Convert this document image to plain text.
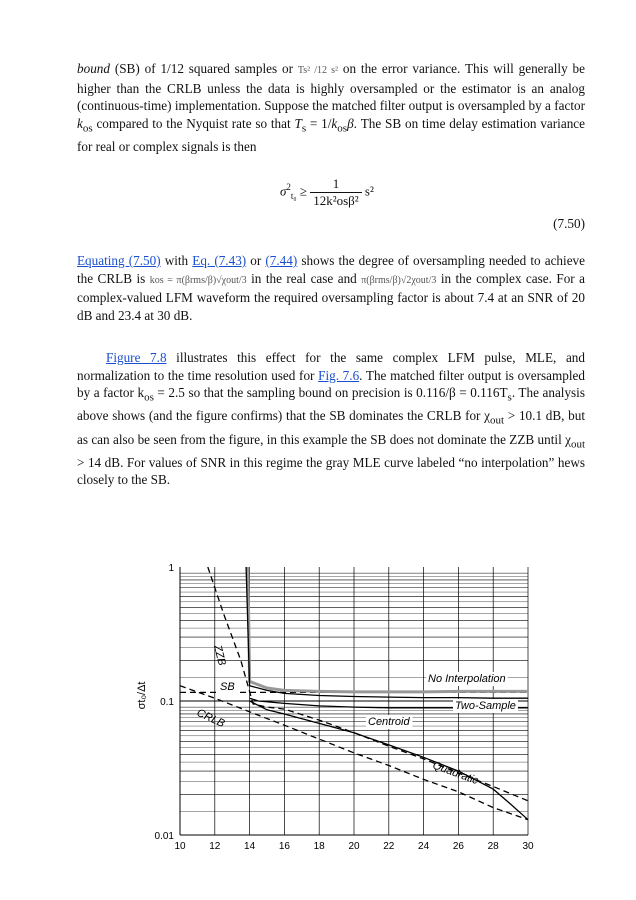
bound (SB) of 1/12 squared samples or Ts² /12 s² on the error variance. This will generally be higher than the CRLB unless the data is highly oversampled or the estimator is an analog (continuous-time) implementation. Suppose the matched filter output is oversampled by a factor $k_{os}$ compared to the Nyquist rate so that $T_s = 1/k_{os}\beta$. The SB on time delay estimation variance for real or complex signals is then

$\sigma^2_{t_0} \ge \frac{1}{\text{12k²osβ²}} s^2$
(7.50)

Equating (7.50) with Eq. (7.43) or (7.44) shows the degree of oversampling needed to achieve the CRLB is kos = π(βrms/β)√χout/3 in the real case and π(βrms/β)√2χout/3 in the complex case. For a complex-valued LFM waveform the required oversampling factor is about 7.4 at an SNR of 20 dB and 23.4 at 30 dB.

Figure 7.8 illustrates this effect for the same complex LFM pulse, MLE, and normalization to the time resolution used for Fig. 7.6. The matched filter output is oversampled by a factor $k_{os} = 2.5$ so that the sampling bound on precision is $0.116/\beta = 0.116T_s$. The analysis above shows (and the figure confirms) that the SB dominates the CRLB for $\chi_{out} > 10.1$ dB, but as can also be seen from the figure, in this example the SB does not dominate the ZZB until $\chi_{out} > 14$ dB. For values of SNR in this regime the gray MLE curve labeled “no interpolation” hews closely to the SB.

1
0.1
0.01
10 12 14 16 18 20 22 24 26 28 30
σt₀/Δt
No Interpolation
Two-Sample
Centroid
Quadratic
ZZB
SB
CRLB
